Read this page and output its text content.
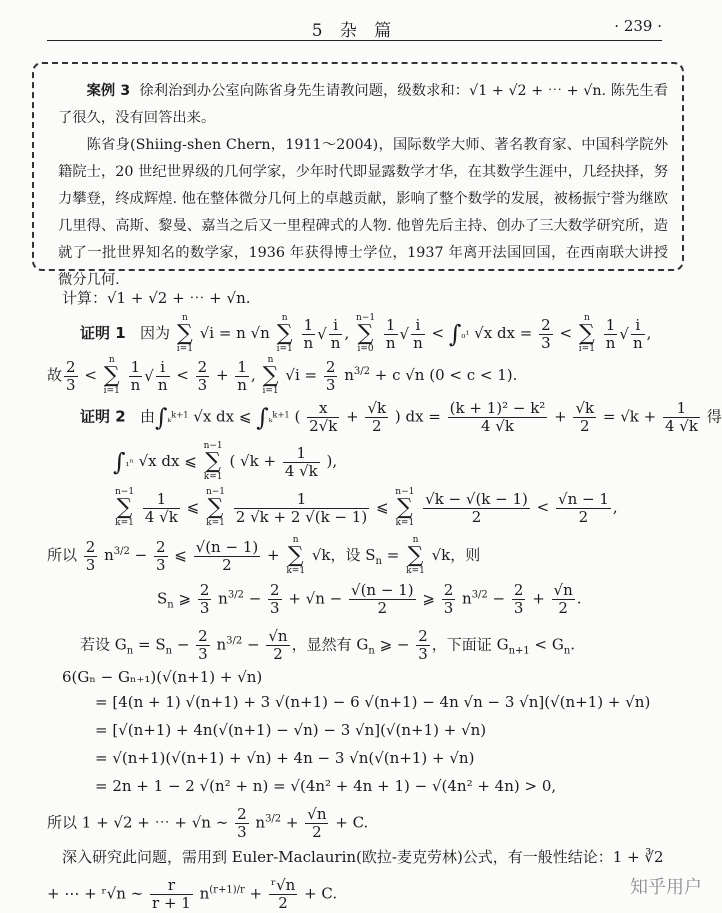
5 杂 篇	· 239 ·

案例 3 徐利治到办公室向陈省身先生请教问题，级数求和：√1 + √2 + ⋯ + √n. 陈先生看了很久，没有回答出来。

陈省身(Shiing-shen Chern，1911～2004)，国际数学大师、著名教育家、中国科学院外籍院士，20 世纪世界级的几何学家，少年时代即显露数学才华，在其数学生涯中，几经抉择，努力攀登，终成辉煌. 他在整体微分几何上的卓越贡献，影响了整个数学的发展，被杨振宁誉为继欧几里得、高斯、黎曼、嘉当之后又一里程碑式的人物. 他曾先后主持、创办了三大数学研究所，造就了一批世界知名的数学家，1936 年获得博士学位，1937 年离开法国回国，在西南联大讲授微分几何.

计算：√1 + √2 + ⋯ + √n.
证明 1 因为 n
∑
i=1 √i = n √n n
∑
$i=1 \frac{1}{n}$ √ $\frac{i}{n}$ , n−1
∑
$i=0 \frac{1}{n}$ √ $\frac{i}{n} < \int_0^1$ √x dx = $\frac{2}{3} < n$
∑
$i=1 \frac{1}{n}$ √ $\frac{i}{n}$ ,
故 $\frac{2}{3} < n$
∑
$i=1 \frac{1}{n}$ √ $\frac{i}{n} < \frac{2}{3} + \frac{1}{n}$ , n
∑
i=1 $√i = \frac{2}{3} n^{3/2} + c$ √n (0 < c < 1).
证明 2 由∫ₖ$^{k+1}$ √x dx ⩽ ∫ₖ$^{k+1}$ ( $\frac{x}{2√k} + \frac{√k}{2}$ ) dx = $\frac{\text{(k + 1)² − k²}}{4 √k} + \frac{√k}{2} = √k + \frac{1}{4 √k}$ 得
∫₁ⁿ √x dx ⩽ n−1
∑
k=1 ( $√k + \frac{1}{4 √k}$ ),
n−1
∑
$k=1 \frac{1}{4 √k}$ ⩽ n−1
∑
$k=1 \frac{1}{2 √k + 2 √(k - 1)}$ ⩽ n−1
∑
$k=1 \frac{√k - √(k - 1)}{2} < \frac{√n - 1}{2}$ ,
所以 $\frac{2}{3} n^{3/2} - \frac{2}{3}$ ⩽ $\frac{√(n - 1)}{2} + n$
∑
k=1 √k，设 $S_n = n$
∑
k=1 √k，则
$S_n$ ⩾ $\frac{2}{3} n^{3/2} - \frac{2}{3} + √n - \frac{√(n - 1)}{2}$ ⩾ $\frac{2}{3} n^{3/2} - \frac{2}{3} + \frac{√n}{2}$ .
若设 $G_n = S_n - \frac{2}{3} n^{3/2} - \frac{√n}{2}$ ，显然有 $G_n$ ⩾ − $\frac{2}{3}$ ，下面证 $G_{n+1} < G_n$.
6(Gₙ − Gₙ₊₁)(√(n+1) + √n)
= [4(n + 1) √(n+1) + 3 √(n+1) − 6 √(n+1) − 4n √n − 3 √n](√(n+1) + √n)
= [√(n+1) + 4n(√(n+1) − √n) − 3 √n](√(n+1) + √n)
= √(n+1)(√(n+1) + √n) + 4n − 3 √n(√(n+1) + √n)
= 2n + 1 − 2 √(n² + n) = √(4n² + 4n + 1) − √(4n² + 4n) > 0,
所以 1 + √2 + ⋯ + √n ∼ $\frac{2}{3} n^{3/2} + \frac{√n}{2} + C$.
深入研究此问题，需用到 Euler-Maclaurin(欧拉-麦克劳林)公式，有一般性结论：1 + ∛2
+ ⋯ + ʳ√n ∼ $\frac{r}{r + 1} n^{(r+1)/r} + \frac{\text{ʳ√n}}{2} + C$.	知乎用户
